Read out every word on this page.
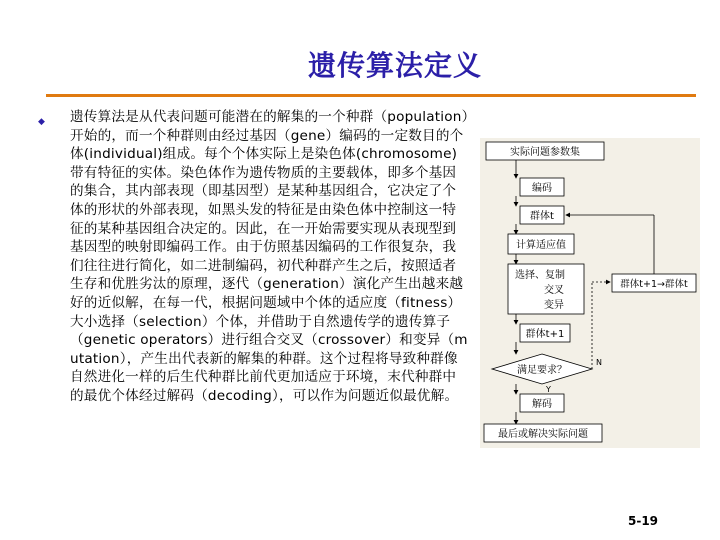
遗传算法定义
◆ 遗传算法是从代表问题可能潜在的解集的一个种群（population）开始的，而一个种群则由经过基因（gene）编码的一定数目的个体(individual)组成。每个个体实际上是染色体(chromosome)带有特征的实体。染色体作为遗传物质的主要载体，即多个基因的集合，其内部表现（即基因型）是某种基因组合，它决定了个体的形状的外部表现，如黑头发的特征是由染色体中控制这一特征的某种基因组合决定的。因此，在一开始需要实现从表现型到基因型的映射即编码工作。由于仿照基因编码的工作很复杂，我们往往进行简化，如二进制编码，初代种群产生之后，按照适者生存和优胜劣汰的原理，逐代（generation）演化产生出越来越好的近似解，在每一代，根据问题域中个体的适应度（fitness）大小选择（selection）个体，并借助于自然遗传学的遗传算子（genetic operators）进行组合交叉（crossover）和变异（mutation），产生出代表新的解集的种群。这个过程将导致种群像自然进化一样的后生代种群比前代更加适应于环境，末代种群中的最优个体经过解码（decoding），可以作为问题近似最优解。
实际问题参数集
编码
群体t
计算适应值
选择、复制
交叉
变异
群体t+1
满足要求？
N
Y
群体t+1→群体t
解码
最后或解决实际问题
5-19
